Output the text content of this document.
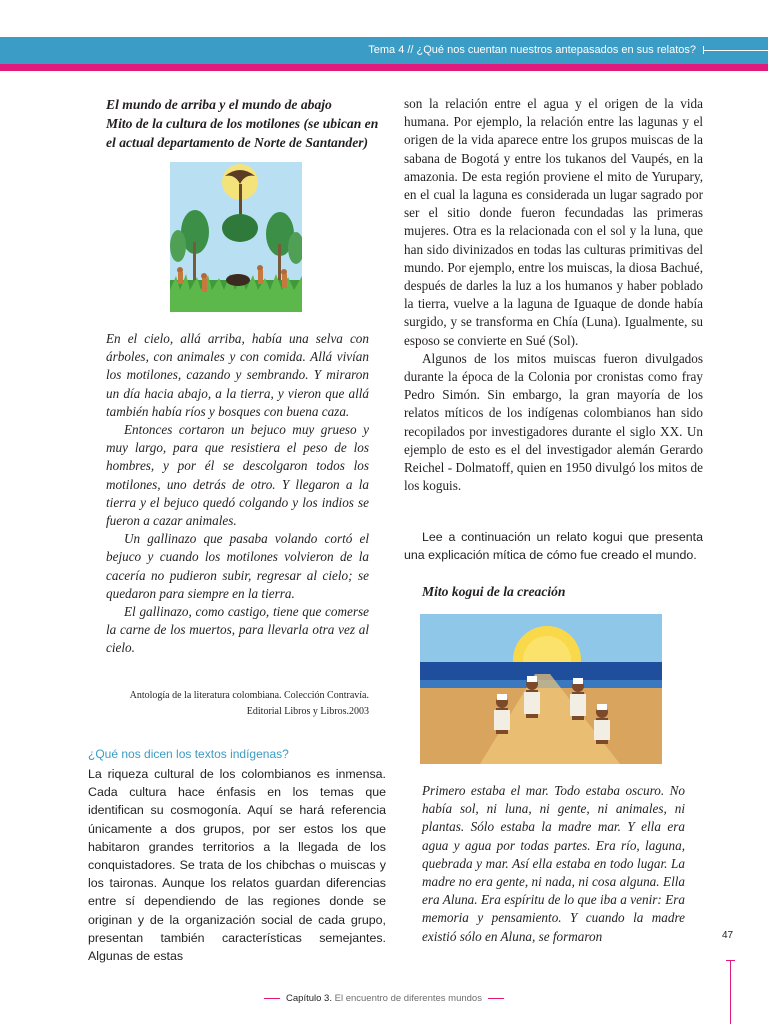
Tema 4 // ¿Qué nos cuentan nuestros antepasados en sus relatos?

El mundo de arriba y el mundo de abajo

Mito de la cultura de los motilones (se ubican en

el actual departamento de Norte de Santander)

En el cielo, allá arriba, había una selva con árboles, con animales y con comida. Allá vivían los motilones, cazando y sembrando. Y miraron un día hacia abajo, a la tierra, y vieron que allá también había ríos y bosques con buena caza.

Entonces cortaron un bejuco muy grueso y muy largo, para que resistiera el peso de los hombres, y por él se descolgaron todos los motilones, uno detrás de otro. Y llegaron a la tierra y el bejuco quedó colgando y los indios se fueron a cazar animales.

Un gallinazo que pasaba volando cortó el bejuco y cuando los motilones volvieron de la cacería no pudieron subir, regresar al cielo; se quedaron para siempre en la tierra.

El gallinazo, como castigo, tiene que comerse la carne de los muertos, para llevarla otra vez al cielo.

Antología de la literatura colombiana. Colección Contravía.
Editorial Libros y Libros.2003
¿Qué nos dicen los textos indígenas?

La riqueza cultural de los colombianos es inmensa. Cada cultura hace énfasis en los temas que identifican su cosmogonía. Aquí se hará referencia únicamente a dos grupos, por ser estos los que habitaron grandes territorios a la llegada de los conquistadores. Se trata de los chibchas o muiscas y los taironas. Aunque los relatos guardan diferencias entre sí dependiendo de las regiones donde se originan y de la organización social de cada grupo, presentan también características semejantes. Algunas de estas

son la relación entre el agua y el origen de la vida humana. Por ejemplo, la relación entre las lagunas y el origen de la vida aparece entre los grupos muiscas de la sabana de Bogotá y entre los tukanos del Vaupés, en la amazonia. De esta región proviene el mito de Yurupary, en el cual la laguna es considerada un lugar sagrado por ser el sitio donde fueron fecundadas las primeras mujeres. Otra es la relacionada con el sol y la luna, que han sido divinizados en todas las culturas primitivas del mundo. Por ejemplo, entre los muiscas, la diosa Bachué, después de darles la luz a los humanos y haber poblado la tierra, vuelve a la laguna de Iguaque de donde había surgido, y se transforma en Chía (Luna). Igualmente, su esposo se convierte en Sué (Sol).

Algunos de los mitos muiscas fueron divulgados durante la época de la Colonia por cronistas como fray Pedro Simón. Sin embargo, la gran mayoría de los relatos míticos de los indígenas colombianos han sido recopilados por investigadores durante el siglo XX. Un ejemplo de esto es el del investigador alemán Gerardo Reichel - Dolmatoff, quien en 1950 divulgó los mitos de los koguis.

Lee a continuación un relato kogui que presenta una explicación mítica de cómo fue creado el mundo.

Mito kogui de la creación

Primero estaba el mar. Todo estaba oscuro. No había sol, ni luna, ni gente, ni animales, ni plantas. Sólo estaba la madre mar. Y ella era agua y agua por todas partes. Era río, laguna, quebrada y mar. Así ella estaba en todo lugar. La madre no era gente, ni nada, ni cosa alguna. Ella era Aluna. Era espíritu de lo que iba a venir: Era memoria y pensamiento. Y cuando la madre existió sólo en Aluna, se formaron	47
Capítulo 3. El encuentro de diferentes mundos
